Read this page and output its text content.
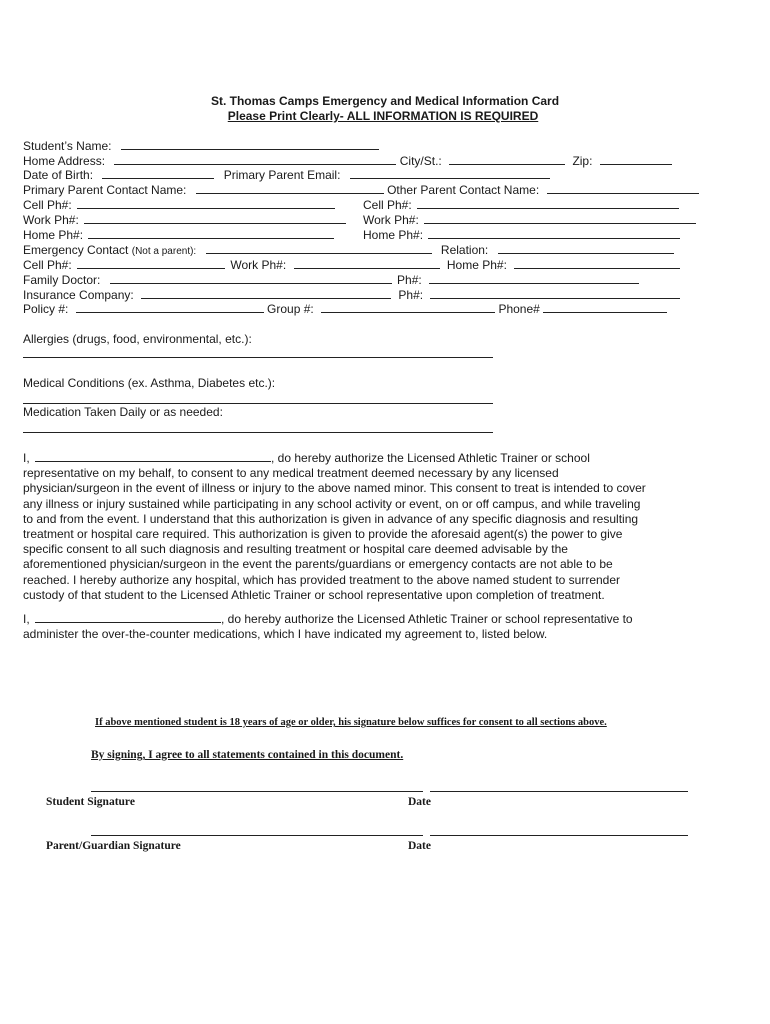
St. Thomas Camps Emergency and Medical Information Card
Please Print Clearly- ALL INFORMATION IS REQUIRED
Student’s Name:
Home Address:	City/St.:	Zip:
Date of Birth:	Primary Parent Email:
Primary Parent Contact Name:	Other Parent Contact Name:
Cell Ph#:	Cell Ph#:
Work Ph#:	Work Ph#:
Home Ph#:	Home Ph#:
Emergency Contact (Not a parent):	Relation:
Cell Ph#:	Work Ph#:	Home Ph#:
Family Doctor:	Ph#:
Insurance Company:	Ph#:
Policy #:	Group #:	Phone#
Allergies (drugs, food, environmental, etc.):
Medical Conditions (ex. Asthma, Diabetes etc.):
Medication Taken Daily or as needed:
I,	, do hereby authorize the Licensed Athletic Trainer or school
representative on my behalf, to consent to any medical treatment deemed necessary by any licensed
physician/surgeon in the event of illness or injury to the above named minor. This consent to treat is intended to cover
any illness or injury sustained while participating in any school activity or event, on or off campus, and while traveling
to and from the event. I understand that this authorization is given in advance of any specific diagnosis and resulting
treatment or hospital care required. This authorization is given to provide the aforesaid agent(s) the power to give
specific consent to all such diagnosis and resulting treatment or hospital care deemed advisable by the
aforementioned physician/surgeon in the event the parents/guardians or emergency contacts are not able to be
reached. I hereby authorize any hospital, which has provided treatment to the above named student to surrender
custody of that student to the Licensed Athletic Trainer or school representative upon completion of treatment.
I,	, do hereby authorize the Licensed Athletic Trainer or school representative to
administer the over-the-counter medications, which I have indicated my agreement to, listed below.
If above mentioned student is 18 years of age or older, his signature below suffices for consent to all sections above.
By signing, I agree to all statements contained in this document.
Student Signature	Date
Parent/Guardian Signature	Date
